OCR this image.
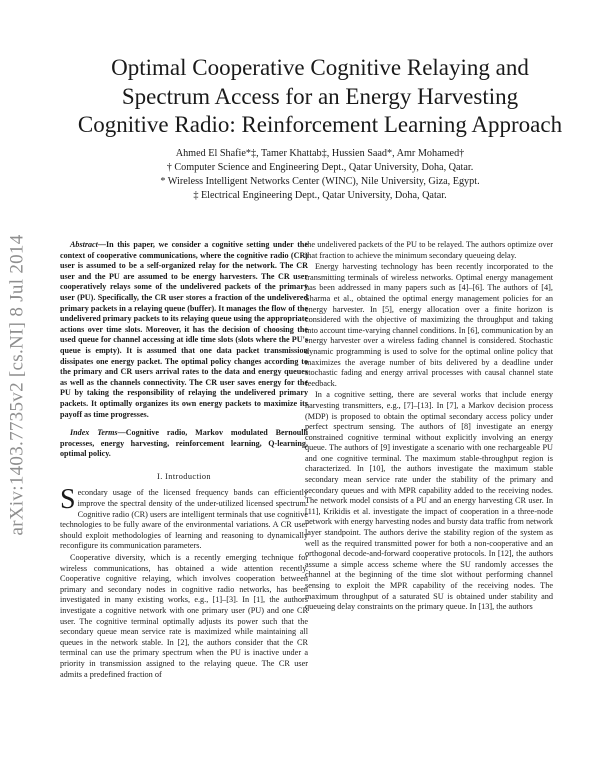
arXiv:1403.7735v2 [cs.NI] 8 Jul 2014
Optimal Cooperative Cognitive Relaying and
Spectrum Access for an Energy Harvesting
Cognitive Radio: Reinforcement Learning Approach
Ahmed El Shafie*‡, Tamer Khattab‡, Hussien Saad*, Amr Mohamed†
† Computer Science and Engineering Dept., Qatar University, Doha, Qatar.
* Wireless Intelligent Networks Center (WINC), Nile University, Giza, Egypt.
‡ Electrical Engineering Dept., Qatar University, Doha, Qatar.

Abstract—In this paper, we consider a cognitive setting under the context of cooperative communications, where the cognitive radio (CR) user is assumed to be a self-organized relay for the network. The CR user and the PU are assumed to be energy harvesters. The CR user cooperatively relays some of the undelivered packets of the primary user (PU). Specifically, the CR user stores a fraction of the undelivered primary packets in a relaying queue (buffer). It manages the flow of the undelivered primary packets to its relaying queue using the appropriate actions over time slots. Moreover, it has the decision of choosing the used queue for channel accessing at idle time slots (slots where the PU's queue is empty). It is assumed that one data packet transmission dissipates one energy packet. The optimal policy changes according to the primary and CR users arrival rates to the data and energy queues as well as the channels connectivity. The CR user saves energy for the PU by taking the responsibility of relaying the undelivered primary packets. It optimally organizes its own energy packets to maximize its payoff as time progresses.

Index Terms—Cognitive radio, Markov modulated Bernoulli processes, energy harvesting, reinforcement learning, Q-learning, optimal policy.

I. Introduction

Secondary usage of the licensed frequency bands can efficiently improve the spectral density of the under-utilized licensed spectrum. Cognitive radio (CR) users are intelligent terminals that use cognitive technologies to be fully aware of the environmental variations. A CR user should exploit methodologies of learning and reasoning to dynamically reconfigure its communication parameters.

Cooperative diversity, which is a recently emerging technique for wireless communications, has obtained a wide attention recently. Cooperative cognitive relaying, which involves cooperation between primary and secondary nodes in cognitive radio networks, has been investigated in many existing works, e.g., [1]–[3]. In [1], the authors investigate a cognitive network with one primary user (PU) and one CR user. The cognitive terminal optimally adjusts its power such that the secondary queue mean service rate is maximized while maintaining all queues in the network stable. In [2], the authors consider that the CR terminal can use the primary spectrum when the PU is inactive under a priority in transmission assigned to the relaying queue. The CR user admits a predefined fraction of

the undelivered packets of the PU to be relayed. The authors optimize over that fraction to achieve the minimum secondary queueing delay.

Energy harvesting technology has been recently incorporated to the transmitting terminals of wireless networks. Optimal energy management has been addressed in many papers such as [4]–[6]. The authors of [4], Sharma et al., obtained the optimal energy management policies for an energy harvester. In [5], energy allocation over a finite horizon is considered with the objective of maximizing the throughput and taking into account time-varying channel conditions. In [6], communication by an energy harvester over a wireless fading channel is considered. Stochastic dynamic programming is used to solve for the optimal online policy that maximizes the average number of bits delivered by a deadline under stochastic fading and energy arrival processes with causal channel state feedback.

In a cognitive setting, there are several works that include energy harvesting transmitters, e.g., [7]–[13]. In [7], a Markov decision process (MDP) is proposed to obtain the optimal secondary access policy under perfect spectrum sensing. The authors of [8] investigate an energy constrained cognitive terminal without explicitly involving an energy queue. The authors of [9] investigate a scenario with one rechargeable PU and one cognitive terminal. The maximum stable-throughput region is characterized. In [10], the authors investigate the maximum stable secondary mean service rate under the stability of the primary and secondary queues and with MPR capability added to the receiving nodes. The network model consists of a PU and an energy harvesting CR user. In [11], Krikidis et al. investigate the impact of cooperation in a three-node network with energy harvesting nodes and bursty data traffic from network layer standpoint. The authors derive the stability region of the system as well as the required transmitted power for both a non-cooperative and an orthogonal decode-and-forward cooperative protocols. In [12], the authors assume a simple access scheme where the SU randomly accesses the channel at the beginning of the time slot without performing channel sensing to exploit the MPR capability of the receiving nodes. The maximum throughput of a saturated SU is obtained under stability and queueing delay constraints on the primary queue. In [13], the authors
